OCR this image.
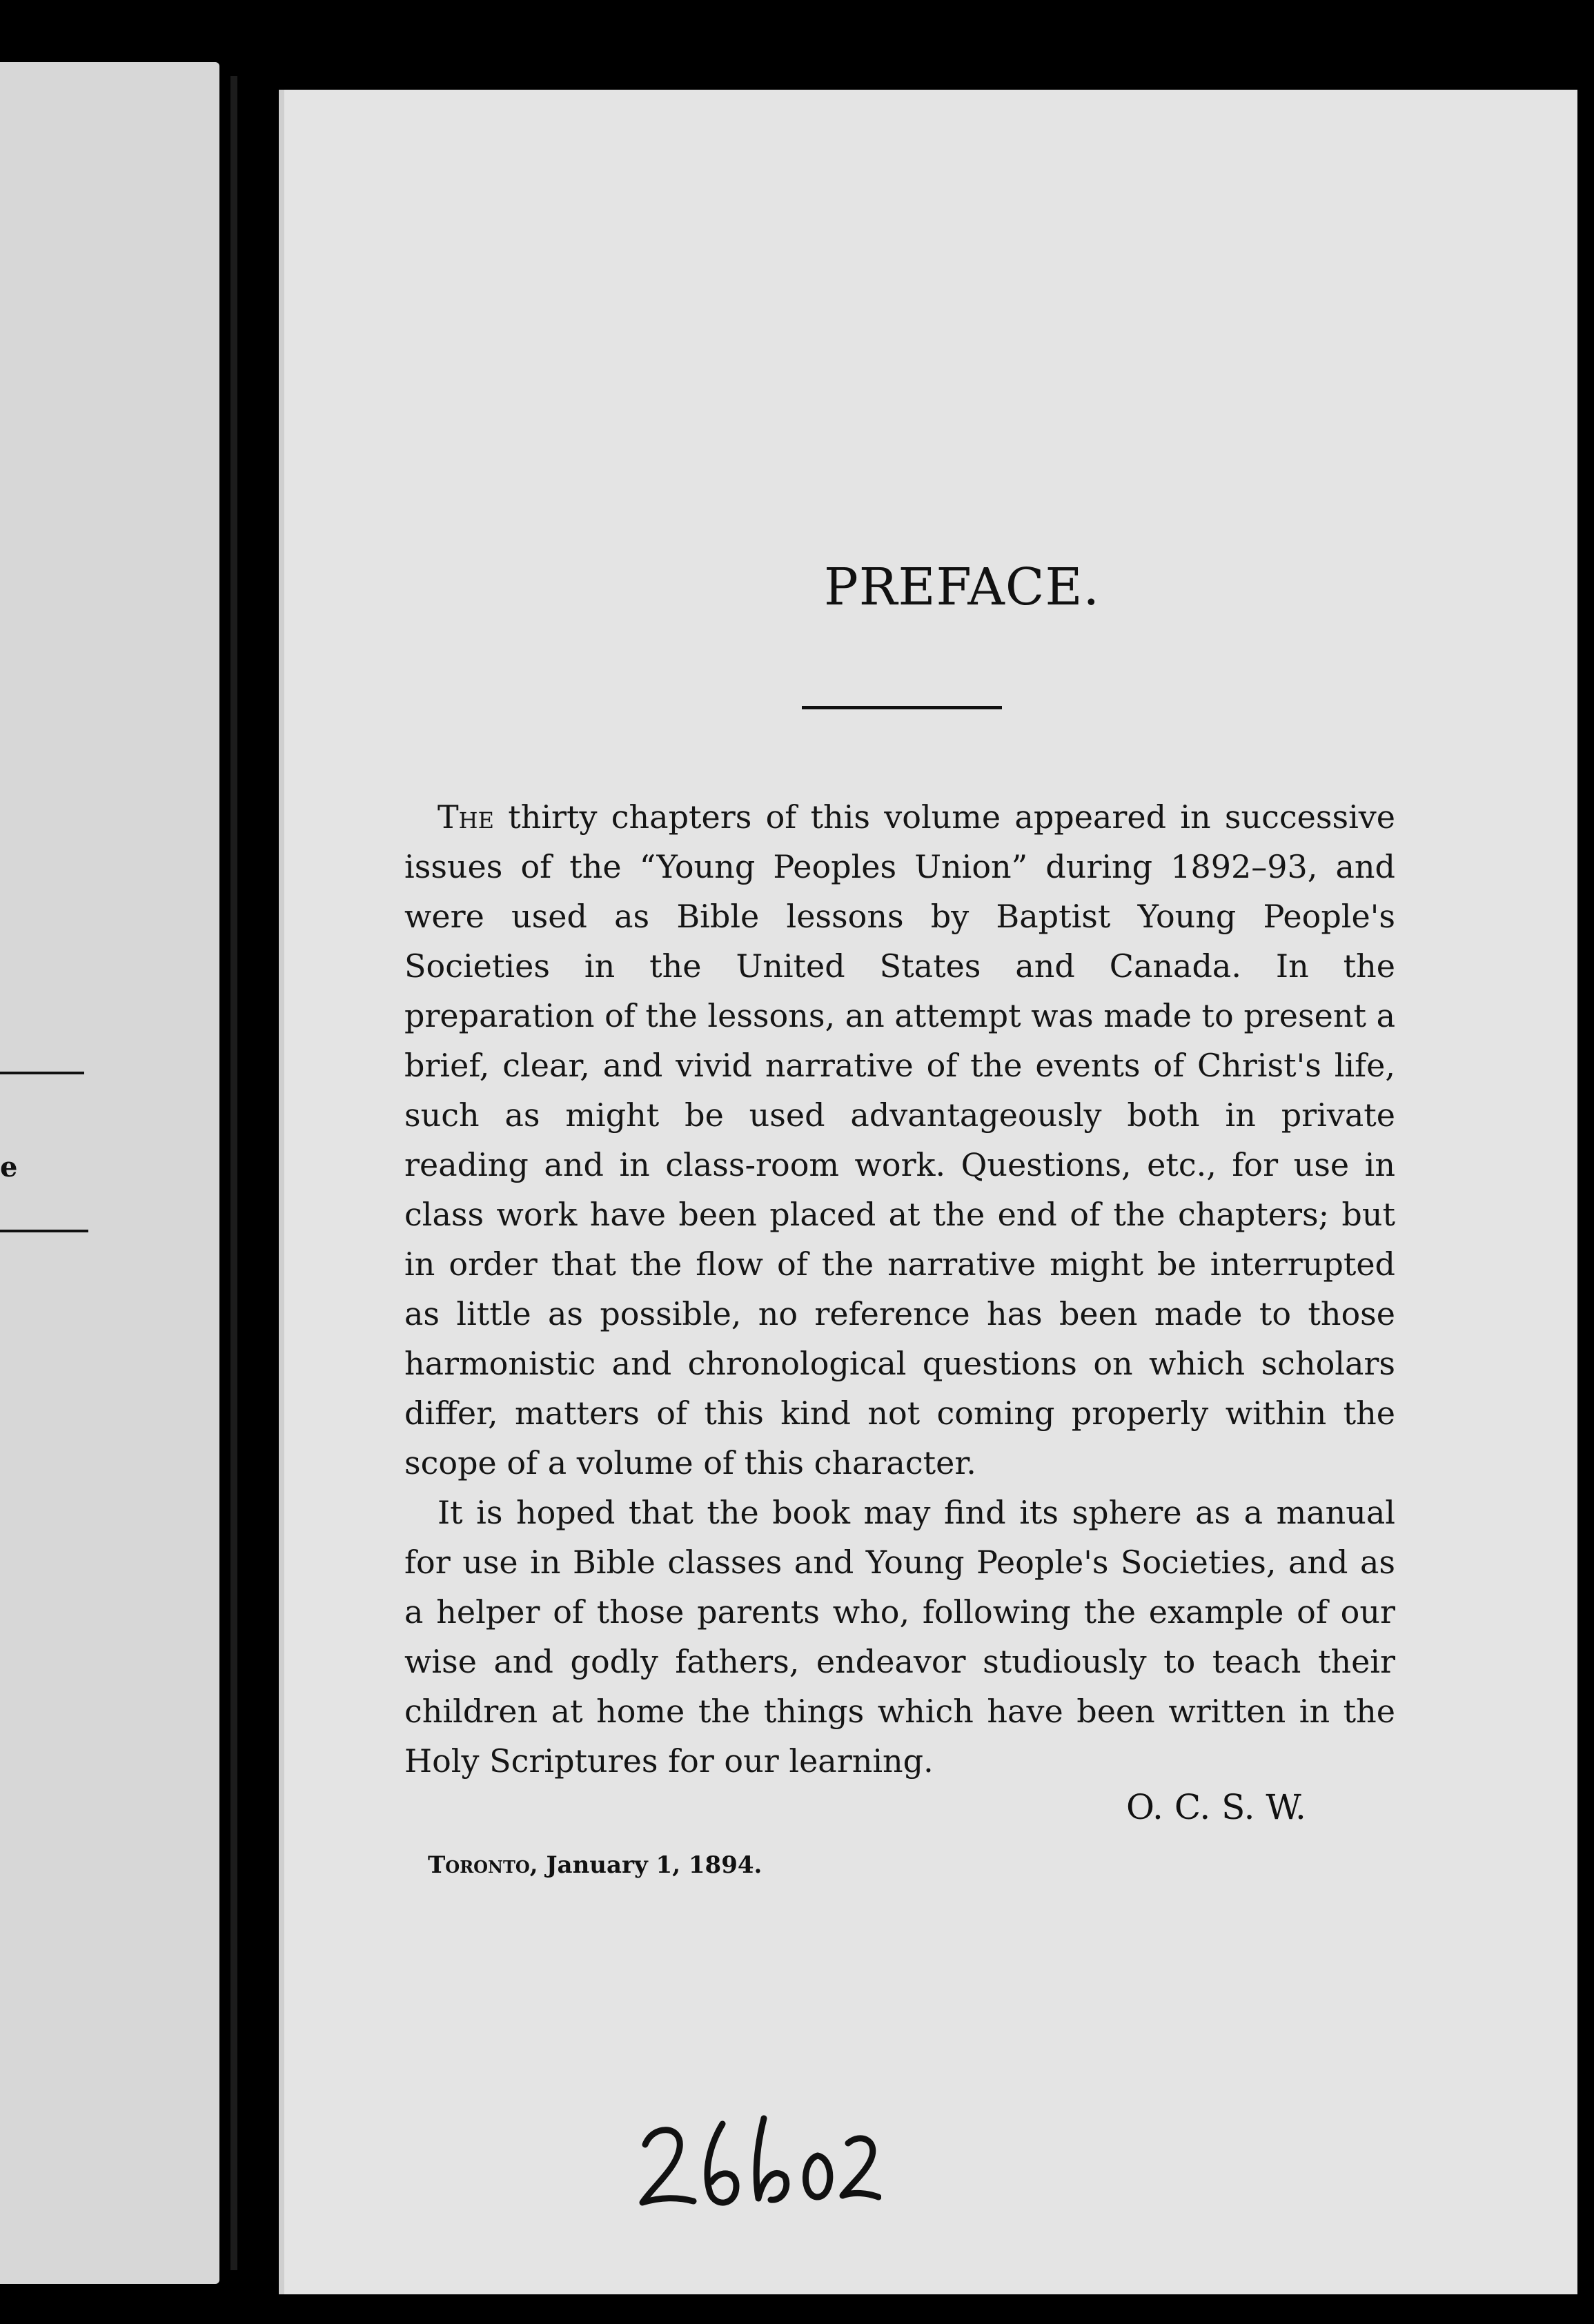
e
PREFACE.

The thirty chapters of this volume appeared in successive issues of the “Young Peoples Union” during 1892–93, and were used as Bible lessons by Baptist Young People's Societies in the United States and Canada. In the preparation of the lessons, an attempt was made to present a brief, clear, and vivid narrative of the events of Christ's life, such as might be used advantageously both in private reading and in class-room work. Questions, etc., for use in class work have been placed at the end of the chapters; but in order that the flow of the narrative might be interrupted as little as possible, no reference has been made to those harmonistic and chronological questions on which scholars differ, matters of this kind not coming properly within the scope of a volume of this character.

It is hoped that the book may find its sphere as a manual for use in Bible classes and Young People's Societies, and as a helper of those parents who, following the example of our wise and godly fathers, endeavor studiously to teach their children at home the things which have been written in the Holy Scriptures for our learning.

O. C. S. W.
Toronto, January 1, 1894.
